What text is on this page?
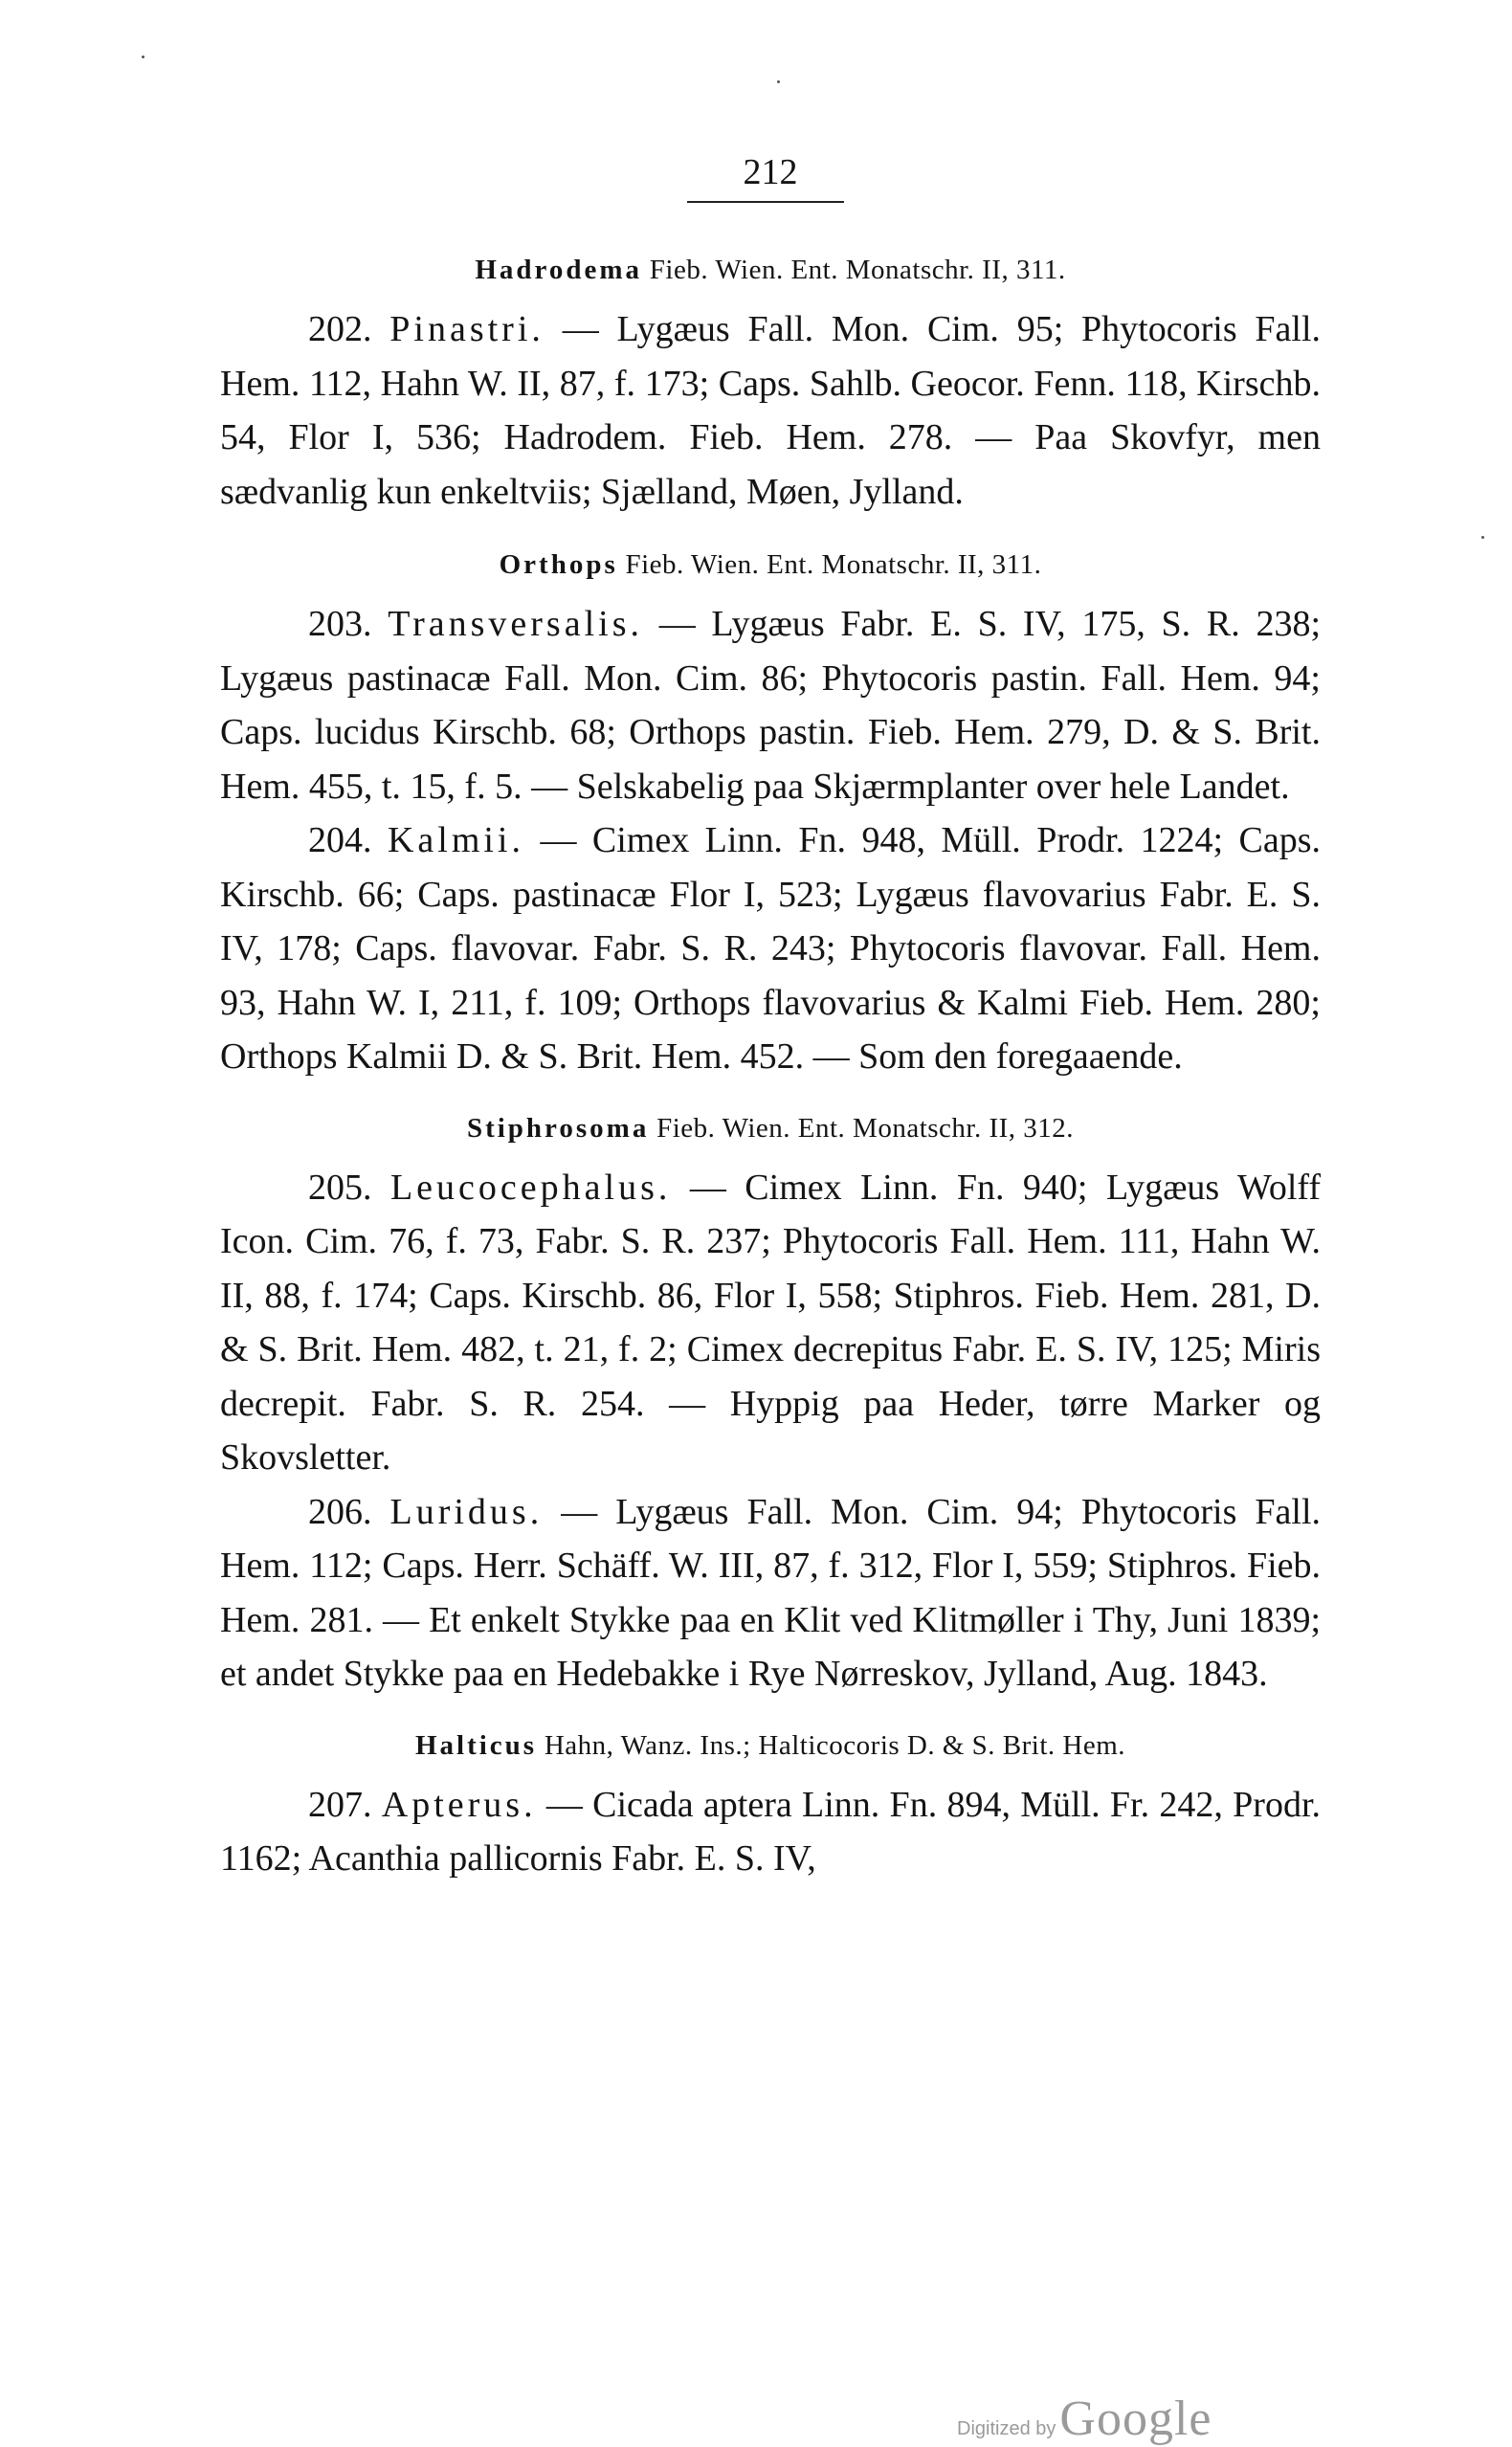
212

Hadrodema Fieb. Wien. Ent. Monatschr. II, 311.

202. Pinastri. — Lygæus Fall. Mon. Cim. 95; Phytocoris Fall. Hem. 112, Hahn W. II, 87, f. 173; Caps. Sahlb. Geocor. Fenn. 118, Kirschb. 54, Flor I, 536; Hadrodem. Fieb. Hem. 278. — Paa Skovfyr, men sædvanlig kun enkeltviis; Sjælland, Møen, Jylland.

Orthops Fieb. Wien. Ent. Monatschr. II, 311.

203. Transversalis. — Lygæus Fabr. E. S. IV, 175, S. R. 238; Lygæus pastinacæ Fall. Mon. Cim. 86; Phytocoris pastin. Fall. Hem. 94; Caps. lucidus Kirschb. 68; Orthops pastin. Fieb. Hem. 279, D. & S. Brit. Hem. 455, t. 15, f. 5. — Selskabelig paa Skjærmplanter over hele Landet.

204. Kalmii. — Cimex Linn. Fn. 948, Müll. Prodr. 1224; Caps. Kirschb. 66; Caps. pastinacæ Flor I, 523; Lygæus flavovarius Fabr. E. S. IV, 178; Caps. flavovar. Fabr. S. R. 243; Phytocoris flavovar. Fall. Hem. 93, Hahn W. I, 211, f. 109; Orthops flavovarius & Kalmi Fieb. Hem. 280; Orthops Kalmii D. & S. Brit. Hem. 452. — Som den foregaaende.

Stiphrosoma Fieb. Wien. Ent. Monatschr. II, 312.

205. Leucocephalus. — Cimex Linn. Fn. 940; Lygæus Wolff Icon. Cim. 76, f. 73, Fabr. S. R. 237; Phytocoris Fall. Hem. 111, Hahn W. II, 88, f. 174; Caps. Kirschb. 86, Flor I, 558; Stiphros. Fieb. Hem. 281, D. & S. Brit. Hem. 482, t. 21, f. 2; Cimex decrepitus Fabr. E. S. IV, 125; Miris decrepit. Fabr. S. R. 254. — Hyppig paa Heder, tørre Marker og Skovsletter.

206. Luridus. — Lygæus Fall. Mon. Cim. 94; Phytocoris Fall. Hem. 112; Caps. Herr. Schäff. W. III, 87, f. 312, Flor I, 559; Stiphros. Fieb. Hem. 281. — Et enkelt Stykke paa en Klit ved Klitmøller i Thy, Juni 1839; et andet Stykke paa en Hedebakke i Rye Nørreskov, Jylland, Aug. 1843.

Halticus Hahn, Wanz. Ins.; Halticocoris D. & S. Brit. Hem.

207. Apterus. — Cicada aptera Linn. Fn. 894, Müll. Fr. 242, Prodr. 1162; Acanthia pallicornis Fabr. E. S. IV,

Digitized by Google
